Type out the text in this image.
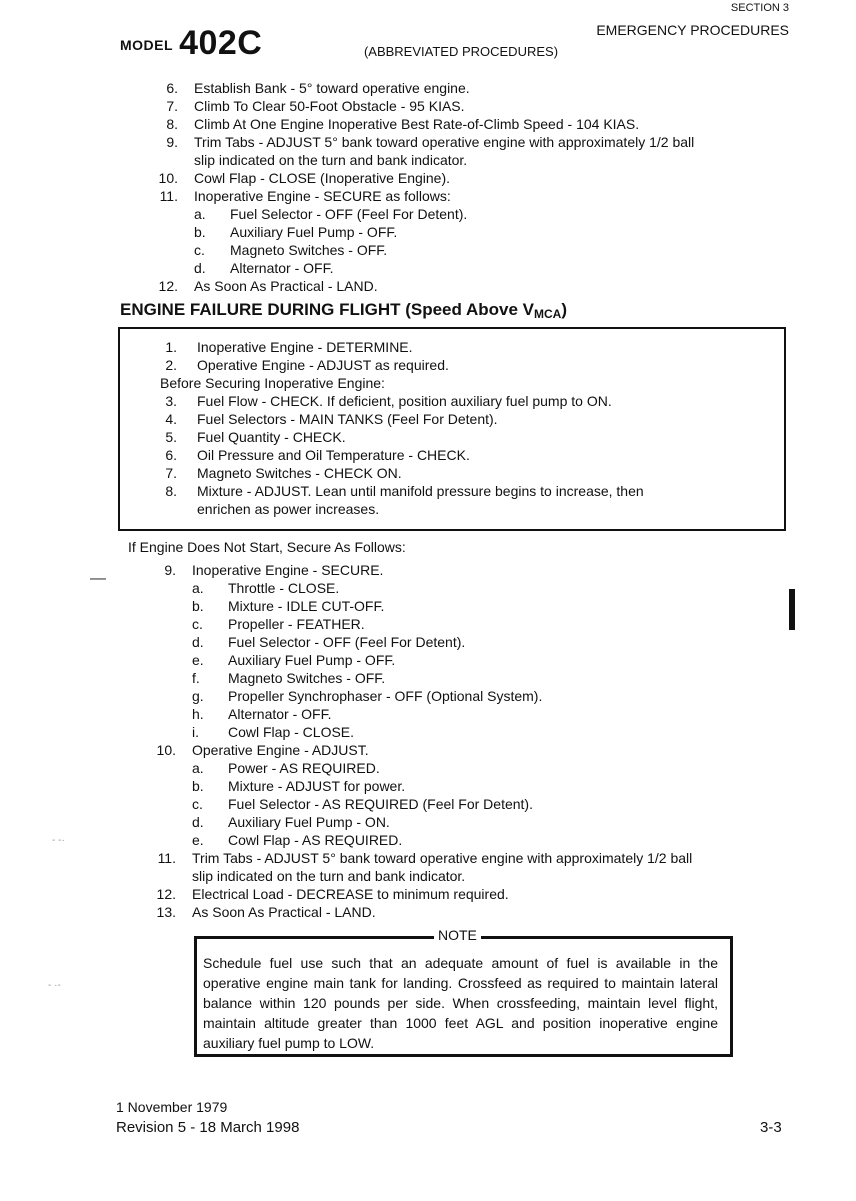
MODEL 402C
SECTION 3
EMERGENCY PROCEDURES
(ABBREVIATED PROCEDURES)
6. Establish Bank - 5° toward operative engine.
7. Climb To Clear 50-Foot Obstacle - 95 KIAS.
8. Climb At One Engine Inoperative Best Rate-of-Climb Speed - 104 KIAS.
9. Trim Tabs - ADJUST 5° bank toward operative engine with approximately 1/2 ball
slip indicated on the turn and bank indicator.
10. Cowl Flap - CLOSE (Inoperative Engine).
11. Inoperative Engine - SECURE as follows:
a. Fuel Selector - OFF (Feel For Detent).
b. Auxiliary Fuel Pump - OFF.
c. Magneto Switches - OFF.
d. Alternator - OFF.
12. As Soon As Practical - LAND.
ENGINE FAILURE DURING FLIGHT (Speed Above $V_{MCA}$)
1. Inoperative Engine - DETERMINE.
2. Operative Engine - ADJUST as required.
Before Securing Inoperative Engine:
3. Fuel Flow - CHECK. If deficient, position auxiliary fuel pump to ON.
4. Fuel Selectors - MAIN TANKS (Feel For Detent).
5. Fuel Quantity - CHECK.
6. Oil Pressure and Oil Temperature - CHECK.
7. Magneto Switches - CHECK ON.
8. Mixture - ADJUST. Lean until manifold pressure begins to increase, then
enrichen as power increases.
If Engine Does Not Start, Secure As Follows:
9. Inoperative Engine - SECURE.
a. Throttle - CLOSE.
b. Mixture - IDLE CUT-OFF.
c. Propeller - FEATHER.
d. Fuel Selector - OFF (Feel For Detent).
e. Auxiliary Fuel Pump - OFF.
f. Magneto Switches - OFF.
g. Propeller Synchrophaser - OFF (Optional System).
h. Alternator - OFF.
i. Cowl Flap - CLOSE.
10. Operative Engine - ADJUST.
a. Power - AS REQUIRED.
b. Mixture - ADJUST for power.
c. Fuel Selector - AS REQUIRED (Feel For Detent).
d. Auxiliary Fuel Pump - ON.
e. Cowl Flap - AS REQUIRED.
11. Trim Tabs - ADJUST 5° bank toward operative engine with approximately 1/2 ball
slip indicated on the turn and bank indicator.
12. Electrical Load - DECREASE to minimum required.
13. As Soon As Practical - LAND.
NOTE
Schedule fuel use such that an adequate amount of fuel is available in the operative engine main tank for landing. Crossfeed as required to maintain lateral balance within 120 pounds per side. When crossfeeding, maintain level flight, maintain altitude greater than 1000 feet AGL and position inoperative engine auxiliary fuel pump to LOW.
1 November 1979
Revision 5 - 18 March 1998	3-3
—
- -·
- ·-
